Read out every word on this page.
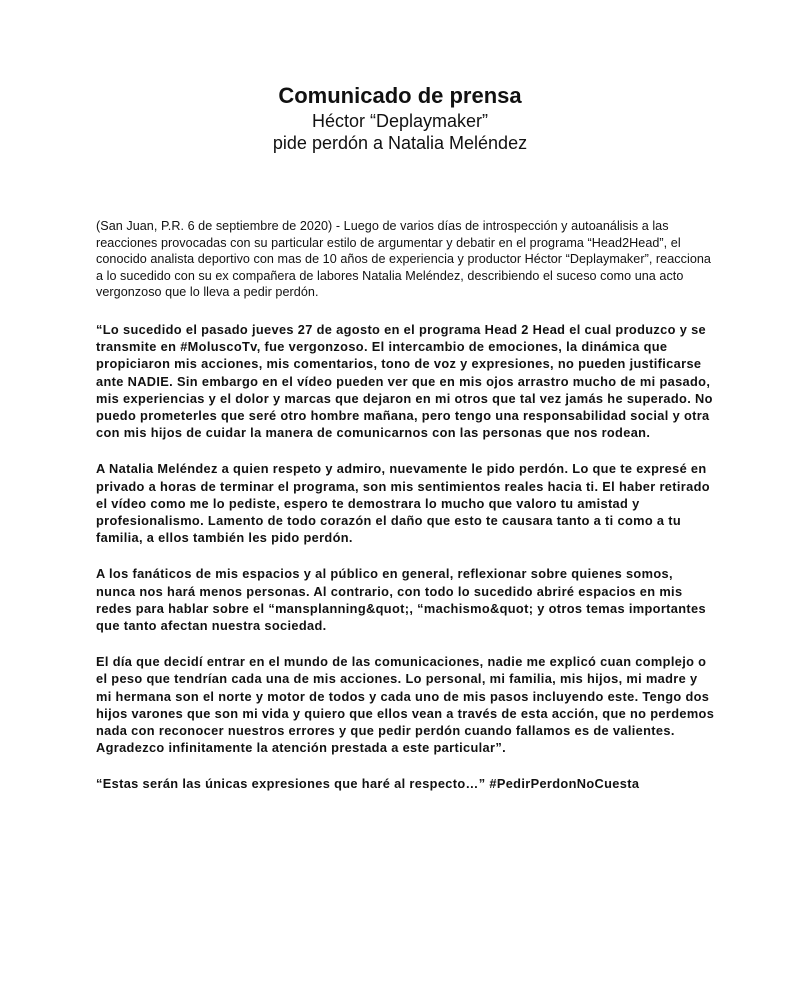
Comunicado de prensa

Héctor “Deplaymaker”

pide perdón a Natalia Meléndez

(San Juan, P.R. 6 de septiembre de 2020) - Luego de varios días de introspección y autoanálisis a las reacciones provocadas con su particular estilo de argumentar y debatir en el programa “Head2Head”, el conocido analista deportivo con mas de 10 años de experiencia y productor Héctor “Deplaymaker”, reacciona a lo sucedido con su ex compañera de labores Natalia Meléndez, describiendo el suceso como una acto vergonzoso que lo lleva a pedir perdón.

“Lo sucedido el pasado jueves 27 de agosto en el programa Head 2 Head el cual produzco y se transmite en #MoluscoTv, fue vergonzoso. El intercambio de emociones, la dinámica que propiciaron mis acciones, mis comentarios, tono de voz y expresiones, no pueden justificarse ante NADIE. Sin embargo en el vídeo pueden ver que en mis ojos arrastro mucho de mi pasado, mis experiencias y el dolor y marcas que dejaron en mi otros que tal vez jamás he superado. No puedo prometerles que seré otro hombre mañana, pero tengo una responsabilidad social y otra con mis hijos de cuidar la manera de comunicarnos con las personas que nos rodean.

A Natalia Meléndez a quien respeto y admiro, nuevamente le pido perdón. Lo que te expresé en privado a horas de terminar el programa, son mis sentimientos reales hacia ti. El haber retirado el vídeo como me lo pediste, espero te demostrara lo mucho que valoro tu amistad y profesionalismo. Lamento de todo corazón el daño que esto te causara tanto a ti como a tu familia, a ellos también les pido perdón.

A los fanáticos de mis espacios y al público en general, reflexionar sobre quienes somos, nunca nos hará menos personas. Al contrario, con todo lo sucedido abriré espacios en mis redes para hablar sobre el “mansplanning&quot;, “machismo&quot; y otros temas importantes que tanto afectan nuestra sociedad.

El día que decidí entrar en el mundo de las comunicaciones, nadie me explicó cuan complejo o el peso que tendrían cada una de mis acciones. Lo personal, mi familia, mis hijos, mi madre y mi hermana son el norte y motor de todos y cada uno de mis pasos incluyendo este. Tengo dos hijos varones que son mi vida y quiero que ellos vean a través de esta acción, que no perdemos nada con reconocer nuestros errores y que pedir perdón cuando fallamos es de valientes. Agradezco infinitamente la atención prestada a este particular”.

“Estas serán las únicas expresiones que haré al respecto…” #PedirPerdonNoCuesta
